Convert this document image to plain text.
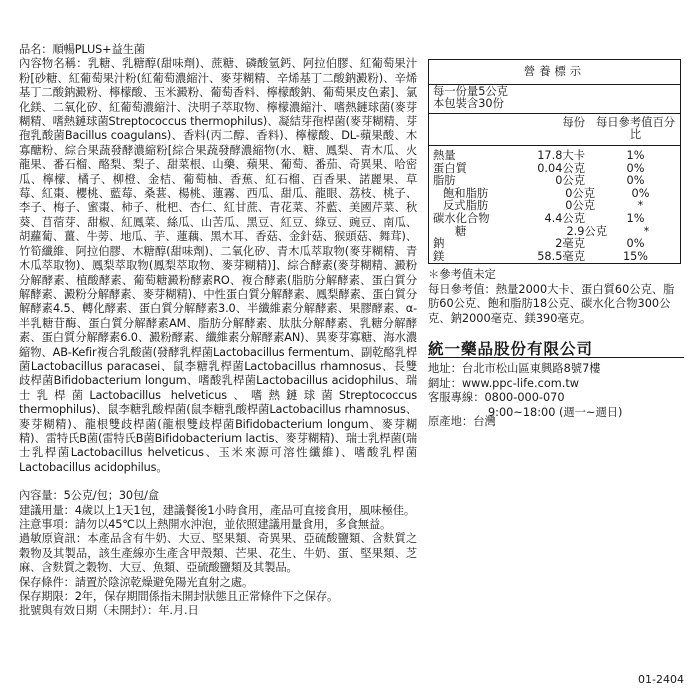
品名：順暢PLUS+益生菌

內容物名稱：乳糖、乳糖醇(甜味劑)、蔗糖、磷酸氫鈣、阿拉伯膠、紅葡萄果汁粉[砂糖、紅葡萄果汁粉(紅葡萄濃縮汁、麥芽糊精、辛烯基丁二酸鈉澱粉)、辛烯基丁二酸鈉澱粉、檸檬酸、玉米澱粉、葡萄香料、檸檬酸鈉、葡萄果皮色素]、氯化鎂、二氧化矽、紅葡萄濃縮汁、決明子萃取物、檸檬濃縮汁、嗜熱鏈球菌(麥芽糊精、嗜熱鏈球菌Streptococcus thermophilus)、凝結芽孢桿菌(麥芽糊精、芽孢乳酸菌Bacillus coagulans)、香料(丙二醇、香料)、檸檬酸、DL-蘋果酸、木寡醣粉、綜合果蔬發酵濃縮粉[綜合果蔬發酵濃縮物(水、糖、鳳梨、青木瓜、火龍果、番石榴、酪梨、梨子、甜菜根、山藥、蘋果、葡萄、番茄、奇異果、哈密瓜、檸檬、橘子、柳橙、金桔、葡萄柚、香蕉、紅石榴、百香果、諾麗果、草莓、紅棗、櫻桃、藍莓、桑葚、楊桃、蓮霧、西瓜、甜瓜、龍眼、荔枝、桃子、李子、梅子、蜜棗、柿子、枇杷、杏仁、紅甘蔗、青花菜、芥藍、美國芹菜、秋葵、苜蓿芽、甜椒、紅鳳菜、絲瓜、山苦瓜、黑豆、紅豆、綠豆、豌豆、南瓜、胡蘿蔔、薑、牛蒡、地瓜、芋、蓮藕、黑木耳、香菇、金針菇、猴頭菇、舞茸)、竹筍纖維、阿拉伯膠、木糖醇(甜味劑)、二氧化矽、青木瓜萃取物(麥芽糊精、青木瓜萃取物)、鳳梨萃取物(鳳梨萃取物、麥芽糊精)]、綜合酵素(麥芽糊精、澱粉分解酵素、植酸酵素、葡萄糖澱粉酵素RO、複合酵素(脂肪分解酵素、蛋白質分解酵素、澱粉分解酵素、麥芽糊精)、中性蛋白質分解酵素、鳳梨酵素、蛋白質分解酵素4.5、轉化酵素、蛋白質分解酵素3.0、半纖維素分解酵素、果膠酵素、α-半乳糖苷酶、蛋白質分解酵素AM、脂肪分解酵素、肽肽分解酵素、乳糖分解酵素、蛋白質分解酵素6.0、澱粉酵素、纖維素分解酵素AN)、異麥芽寡糖、海水濃縮物、AB-Kefir複合乳酸菌(發酵乳桿菌Lactobacillus fermentum、副乾酪乳桿菌Lactobacillus paracasei、鼠李糖乳桿菌Lactobacillus rhamnosus、長雙歧桿菌Bifidobacterium longum、嗜酸乳桿菌Lactobacillus acidophilus、瑞士乳桿菌Lactobacillus helveticus、嗜熱鏈球菌Streptococcus thermophilus)、鼠李糖乳酸桿菌(鼠李糖乳酸桿菌Lactobacillus rhamnosus、麥芽糊精)、龍根雙歧桿菌(龍根雙歧桿菌Bifidobacterium longum、麥芽糊精)、雷特氏B菌(雷特氏B菌Bifidobacterium lactis、麥芽糊精)、瑞士乳桿菌(瑞士乳桿菌Lactobacillus helveticus、玉米來源可溶性纖維)、嗜酸乳桿菌Lactobacillus acidophilus。

內容量：5公克/包；30包/盒

建議用量：4歲以上1天1包，建議餐後1小時食用，產品可直接食用，風味極佳。

注意事項：請勿以45℃以上熱開水沖泡，並依照建議用量食用，多食無益。

過敏原資訊：本產品含有牛奶、大豆、堅果類、奇異果、亞硫酸鹽類、含麩質之穀物及其製品，該生產線亦生產含甲殼類、芒果、花生、牛奶、蛋、堅果類、芝麻、含麩質之穀物、大豆、魚類、亞硫酸鹽類及其製品。

保存條件：請置於陰涼乾燥避免陽光直射之處。

保存期限：2年，保存期間係指未開封狀態且正常條件下之保存。

批號與有效日期（未開封）：年.月.日

營養標示
每一份量5公克
本包裝含30份
每份 每日參考值百分比
熱量	17.8大卡	1%
蛋白質	0.04公克	0%
脂肪	0公克	0%
飽和脂肪	0公克	0%
反式脂肪	0公克	*
碳水化合物	4.4公克	1%
糖	2.9公克	*
鈉	2毫克	0%
鎂	58.5毫克	15%
＊參考值未定
每日參考值：熱量2000大卡、蛋白質60公克、脂肪60公克、飽和脂肪18公克、碳水化合物300公克、鈉2000毫克、鎂390毫克。
統一藥品股份有限公司

地址：台北市松山區東興路8號7樓

網址：www.ppc-life.com.tw

客服專線：0800-000-070

9:00~18:00 (週一~週日)

原產地：台灣
01-2404
